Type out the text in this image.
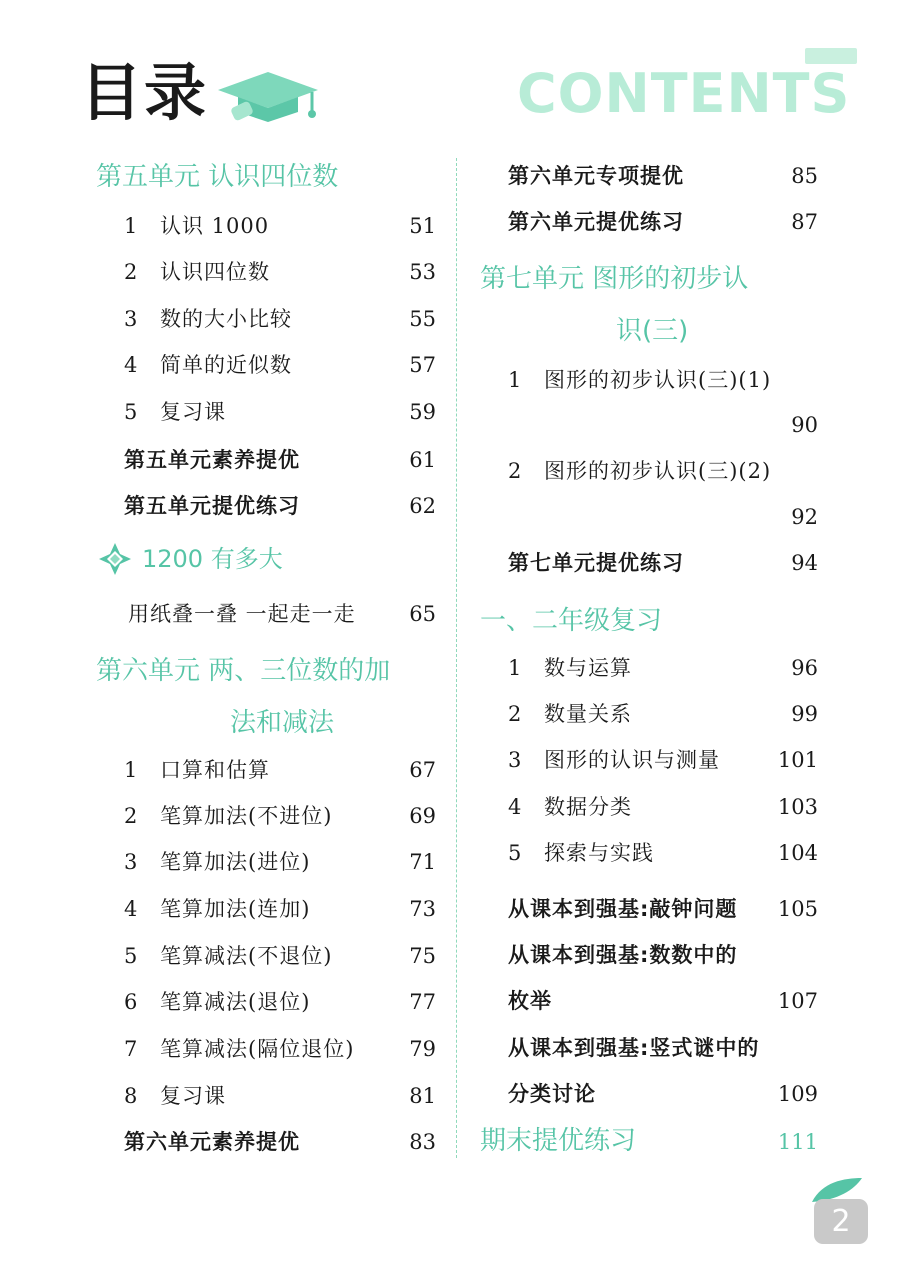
目录	CONTENTS
第五单元 认识四位数
1 认识 1000	51
2 认识四位数	53
3 数的大小比较	55
4 简单的近似数	57
5 复习课	59
第五单元素养提优	61
第五单元提优练习	62
1200 有多大
用纸叠一叠 一起走一走	65
第六单元 两、三位数的加
法和减法
1 口算和估算	67
2 笔算加法(不进位)	69
3 笔算加法(进位)	71
4 笔算加法(连加)	73
5 笔算减法(不退位)	75
6 笔算减法(退位)	77
7 笔算减法(隔位退位)	79
8 复习课	81
第六单元素养提优	83
第六单元专项提优	85
第六单元提优练习	87
第七单元 图形的初步认
识(三)
1 图形的初步认识(三)(1)
90
2 图形的初步认识(三)(2)
92
第七单元提优练习	94
一、二年级复习
1 数与运算	96
2 数量关系	99
3 图形的认识与测量	101
4 数据分类	103
5 探索与实践	104
从课本到强基:敲钟问题	105
从课本到强基:数数中的
枚举	107
从课本到强基:竖式谜中的
分类讨论	109
期末提优练习	111
2
